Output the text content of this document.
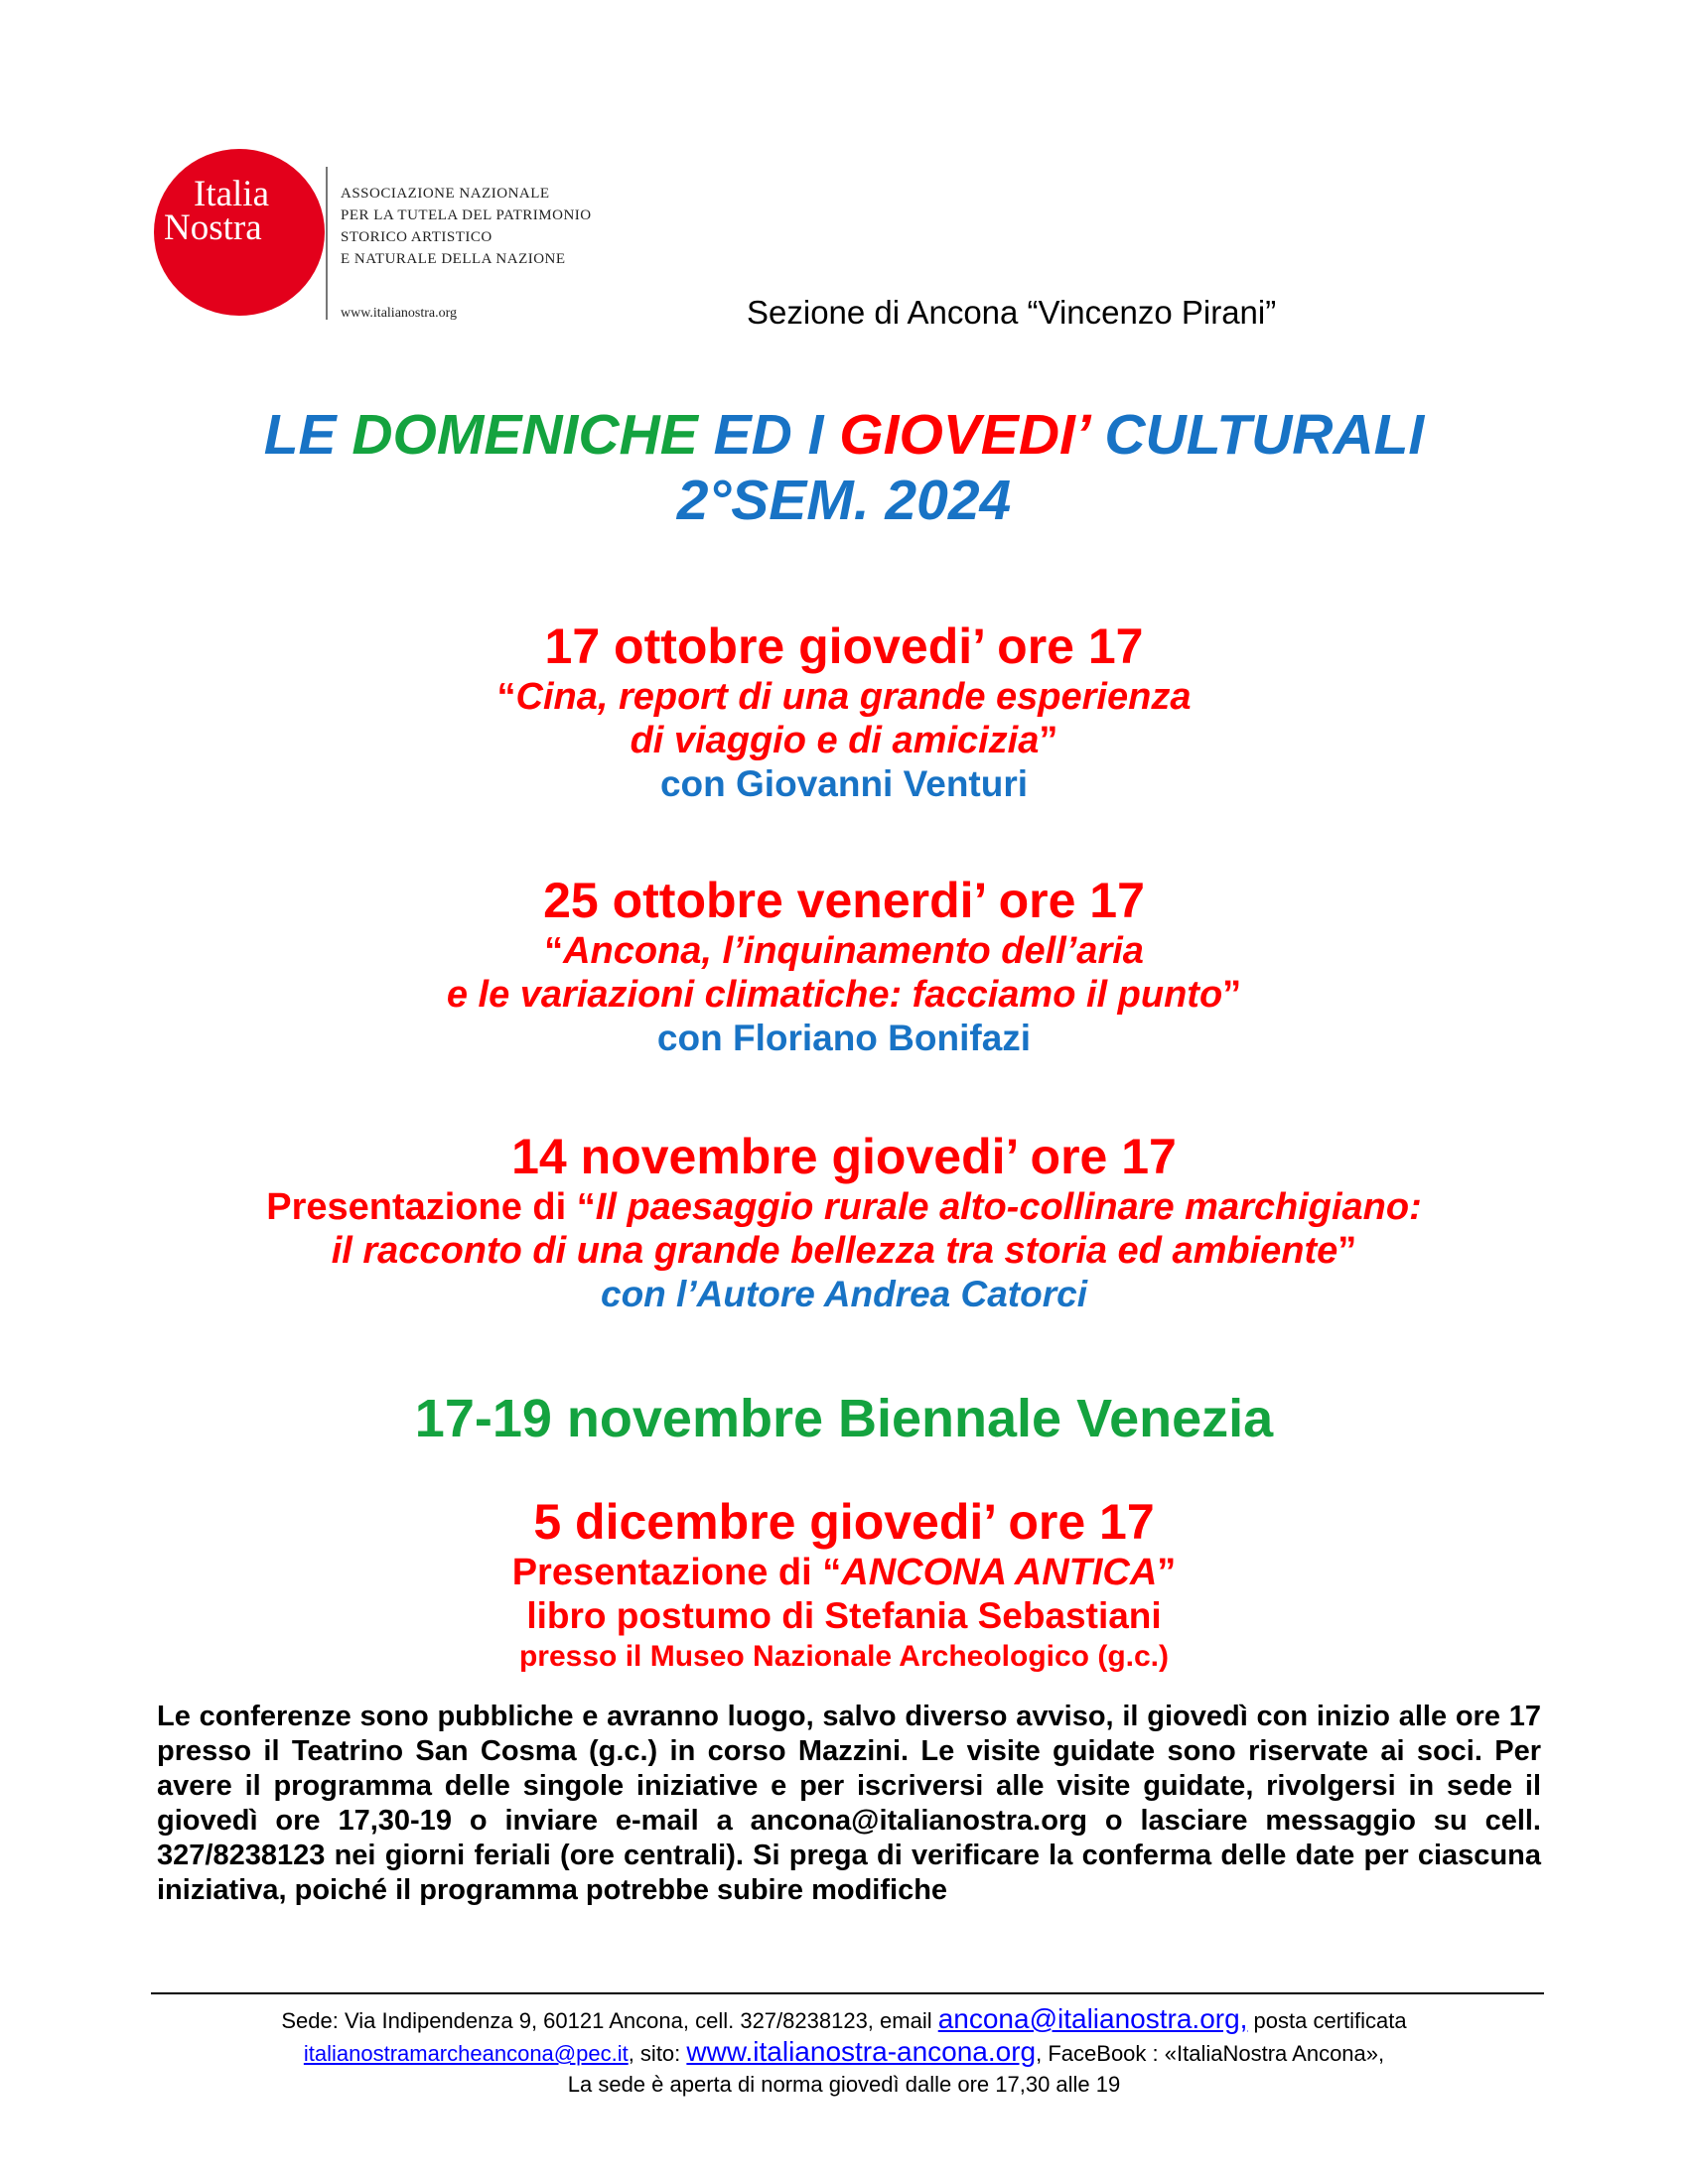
Italia
Nostra
ASSOCIAZIONE NAZIONALE
PER LA TUTELA DEL PATRIMONIO
STORICO ARTISTICO
E NATURALE DELLA NAZIONE
www.italianostra.org	Sezione di Ancona “Vincenzo Pirani”
LE DOMENICHE ED I GIOVEDI’ CULTURALI
2°SEM. 2024
17 ottobre giovedi’ ore 17
“Cina, report di una grande esperienza
di viaggio e di amicizia”
con Giovanni Venturi
25 ottobre venerdi’ ore 17
“Ancona, l’inquinamento dell’aria
e le variazioni climatiche: facciamo il punto”
con Floriano Bonifazi
14 novembre giovedi’ ore 17
Presentazione di “Il paesaggio rurale alto-collinare marchigiano:
il racconto di una grande bellezza tra storia ed ambiente”
con l’Autore Andrea Catorci
17-19 novembre Biennale Venezia
5 dicembre giovedi’ ore 17
Presentazione di “ANCONA ANTICA”
libro postumo di Stefania Sebastiani
presso il Museo Nazionale Archeologico (g.c.)
Le conferenze sono pubbliche e avranno luogo, salvo diverso avviso, il giovedì con inizio alle ore 17 presso il Teatrino San Cosma (g.c.) in corso Mazzini. Le visite guidate sono riservate ai soci. Per avere il programma delle singole iniziative e per iscriversi alle visite guidate, rivolgersi in sede il giovedì ore 17,30-19 o inviare e-mail a ancona@italianostra.org o lasciare messaggio su cell. 327/8238123 nei giorni feriali (ore centrali). Si prega di verificare la conferma delle date per ciascuna iniziativa, poiché il programma potrebbe subire modifiche
Sede: Via Indipendenza 9, 60121 Ancona, cell. 327/8238123, email ancona@italianostra.org, posta certificata
italianostramarcheancona@pec.it, sito: www.italianostra-ancona.org, FaceBook : «ItaliaNostra Ancona»,
La sede è aperta di norma giovedì dalle ore 17,30 alle 19
